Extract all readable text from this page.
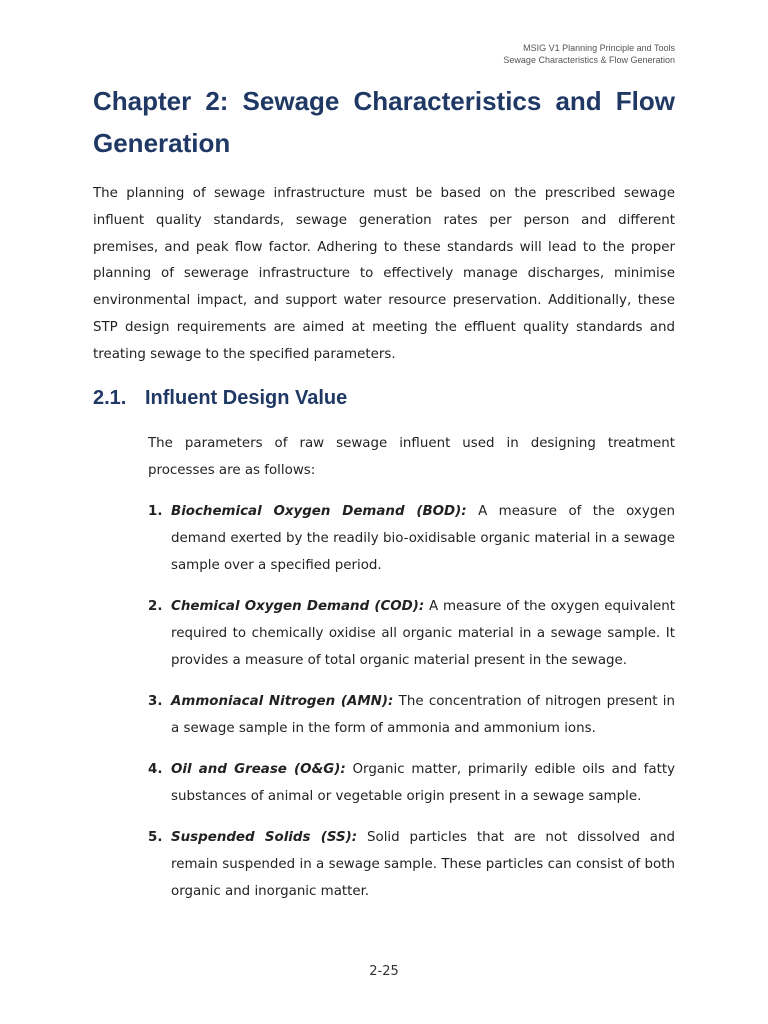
MSIG V1 Planning Principle and Tools
Sewage Characteristics & Flow Generation
Chapter 2: Sewage Characteristics and Flow Generation

The planning of sewage infrastructure must be based on the prescribed sewage influent quality standards, sewage generation rates per person and different premises, and peak flow factor. Adhering to these standards will lead to the proper planning of sewerage infrastructure to effectively manage discharges, minimise environmental impact, and support water resource preservation. Additionally, these STP design requirements are aimed at meeting the effluent quality standards and treating sewage to the specified parameters.

2.1. Influent Design Value

The parameters of raw sewage influent used in designing treatment processes are as follows:

1. Biochemical Oxygen Demand (BOD): A measure of the oxygen demand exerted by the readily bio-oxidisable organic material in a sewage sample over a specified period.
2. Chemical Oxygen Demand (COD): A measure of the oxygen equivalent required to chemically oxidise all organic material in a sewage sample. It provides a measure of total organic material present in the sewage.
3. Ammoniacal Nitrogen (AMN): The concentration of nitrogen present in a sewage sample in the form of ammonia and ammonium ions.
4. Oil and Grease (O&G): Organic matter, primarily edible oils and fatty substances of animal or vegetable origin present in a sewage sample.
5. Suspended Solids (SS): Solid particles that are not dissolved and remain suspended in a sewage sample. These particles can consist of both organic and inorganic matter.
2-25
